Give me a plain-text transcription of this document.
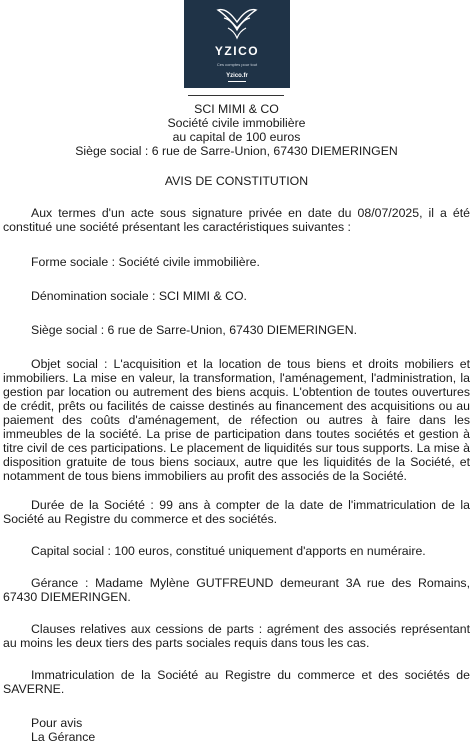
YZICO
Ces comptes pour tout
Yzico.fr

SCI MIMI & CO

Société civile immobilière

au capital de 100 euros

Siège social : 6 rue de Sarre-Union, 67430 DIEMERINGEN

AVIS DE CONSTITUTION

Aux termes d'un acte sous signature privée en date du 08/07/2025, il a été constitué une société présentant les caractéristiques suivantes :

Forme sociale : Société civile immobilière.

Dénomination sociale : SCI MIMI & CO.

Siège social : 6 rue de Sarre-Union, 67430 DIEMERINGEN.

Objet social : L'acquisition et la location de tous biens et droits mobiliers et immobiliers. La mise en valeur, la transformation, l'aménagement, l'administration, la gestion par location ou autrement des biens acquis. L'obtention de toutes ouvertures de crédit, prêts ou facilités de caisse destinés au financement des acquisitions ou au paiement des coûts d'aménagement, de réfection ou autres à faire dans les immeubles de la société. La prise de participation dans toutes sociétés et gestion à titre civil de ces participations. Le placement de liquidités sur tous supports. La mise à disposition gratuite de tous biens sociaux, autre que les liquidités de la Société, et notamment de tous biens immobiliers au profit des associés de la Société.

Durée de la Société : 99 ans à compter de la date de l'immatriculation de la Société au Registre du commerce et des sociétés.

Capital social : 100 euros, constitué uniquement d'apports en numéraire.

Gérance : Madame Mylène GUTFREUND demeurant 3A rue des Romains, 67430 DIEMERINGEN.

Clauses relatives aux cessions de parts : agrément des associés représentant au moins les deux tiers des parts sociales requis dans tous les cas.

Immatriculation de la Société au Registre du commerce et des sociétés de SAVERNE.

Pour avis

La Gérance
